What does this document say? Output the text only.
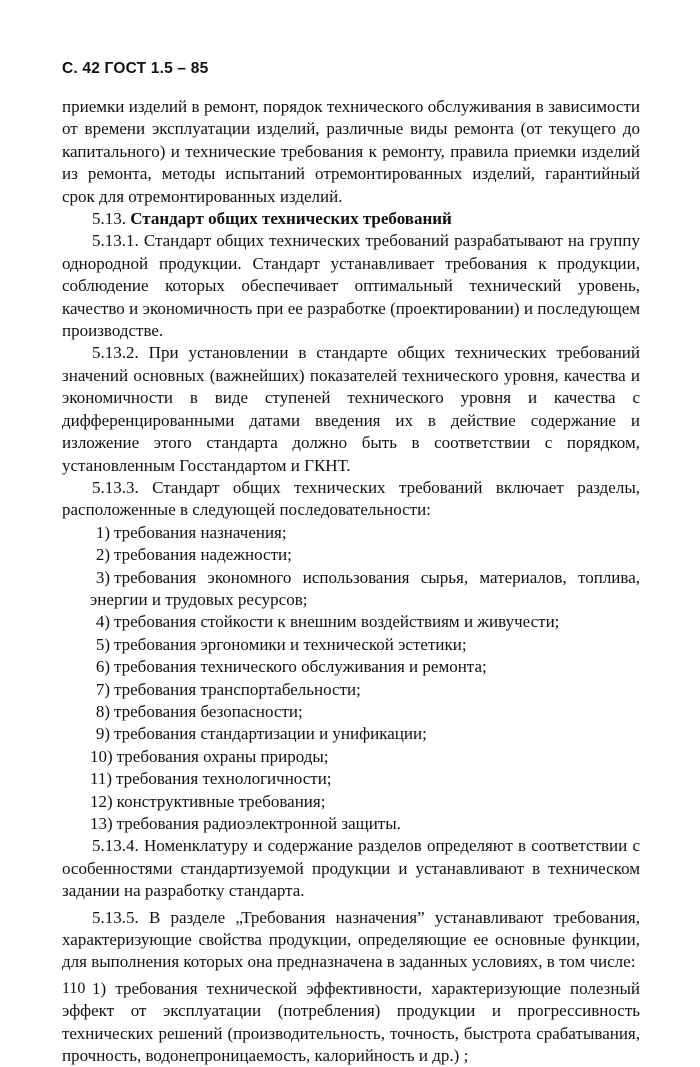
С. 42 ГОСТ 1.5 – 85

приемки изделий в ремонт, порядок технического обслуживания в зависимости от времени эксплуатации изделий, различные виды ремонта (от текущего до капитального) и технические требования к ремонту, правила приемки изделий из ремонта, методы испытаний отремонтированных изделий, гарантийный срок для отремонтированных изделий.

5.13. Стандарт общих технических требований

5.13.1. Стандарт общих технических требований разрабатывают на группу однородной продукции. Стандарт устанавливает требования к продукции, соблюдение которых обеспечивает оптимальный технический уровень, качество и экономичность при ее разработке (проектировании) и последующем производстве.

5.13.2. При установлении в стандарте общих технических требований значений основных (важнейших) показателей технического уровня, качества и экономичности в виде ступеней технического уровня и качества с дифференцированными датами введения их в действие содержание и изложение этого стандарта должно быть в соответствии с порядком, установленным Госстандартом и ГКНТ.

5.13.3. Стандарт общих технических требований включает разделы, расположенные в следующей последовательности:

1) требования назначения;
2) требования надежности;
3) требования экономного использования сырья, материалов, топлива, энергии и трудовых ресурсов;
4) требования стойкости к внешним воздействиям и живучести;
5) требования эргономики и технической эстетики;
6) требования технического обслуживания и ремонта;
7) требования транспортабельности;
8) требования безопасности;
9) требования стандартизации и унификации;
10) требования охраны природы;
11) требования технологичности;
12) конструктивные требования;
13) требования радиоэлектронной защиты.

5.13.4. Номенклатуру и содержание разделов определяют в соответствии с особенностями стандартизуемой продукции и устанавливают в техническом задании на разработку стандарта.

5.13.5. В разделе „Требования назначения” устанавливают требования, характеризующие свойства продукции, определяющие ее основные функции, для выполнения которых она предназначена в заданных условиях, в том числе:

1) требования технической эффективности, характеризующие полезный эффект от эксплуатации (потребления) продукции и прогрессивность технических решений (производительность, точность, быстрота срабатывания, прочность, водонепроницаемость, калорийность и др.) ;

110
